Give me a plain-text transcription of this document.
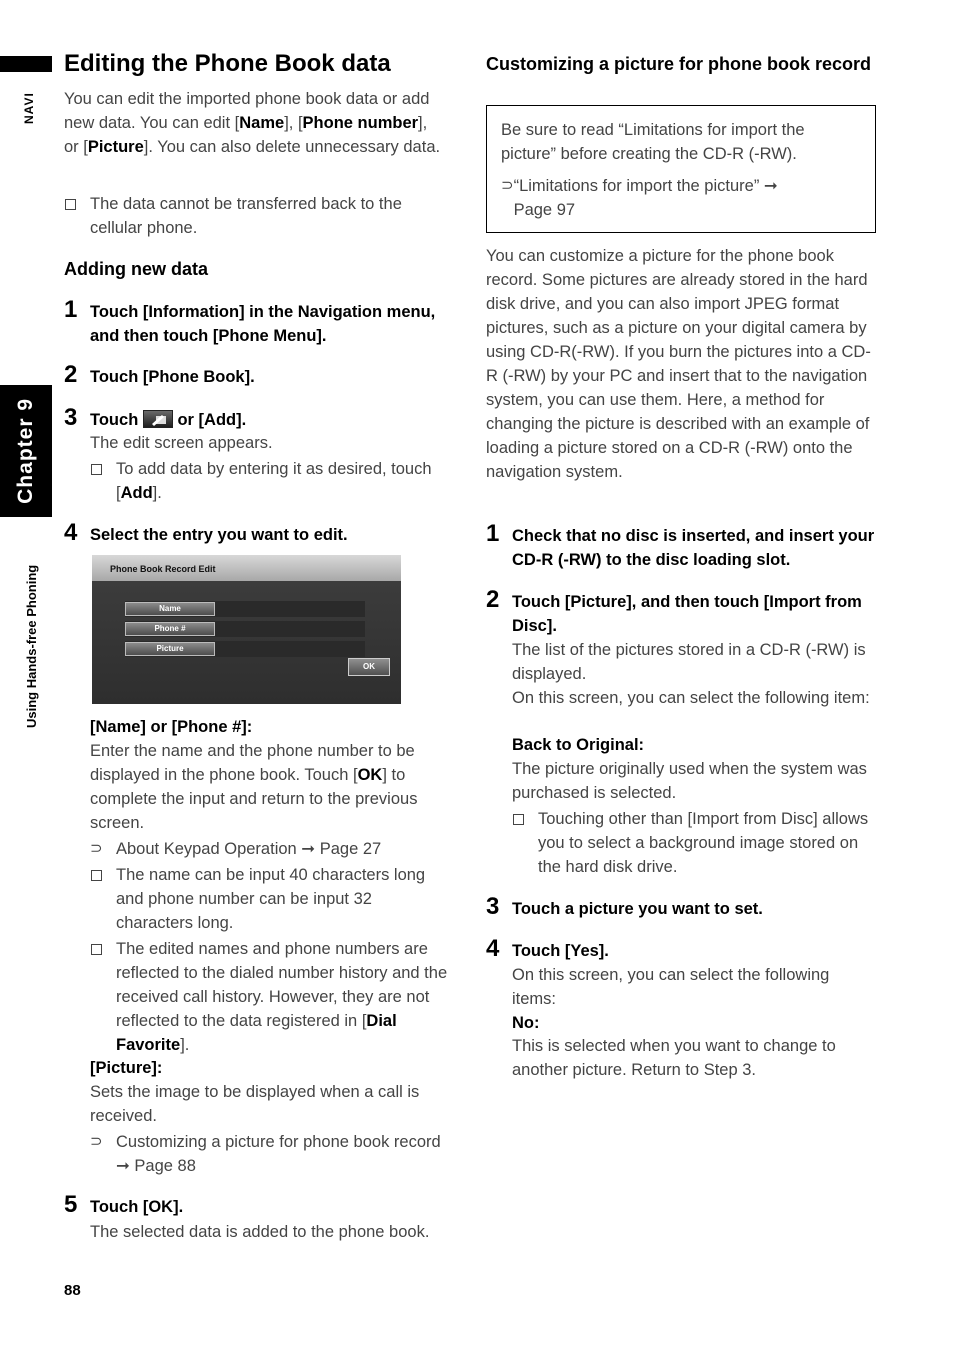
NAVI
Chapter 9
Using Hands-free Phoning
Editing the Phone Book data
You can edit the imported phone book data or add new data. You can edit [Name], [Phone number], or [Picture]. You can also delete unnecessary data.
The data cannot be transferred back to the cellular phone.
Adding new data
1 Touch [Information] in the Navigation menu, and then touch [Phone Menu].
2 Touch [Phone Book].
3 Touch or [Add].
The edit screen appears.
To add data by entering it as desired, touch [Add].
4 Select the entry you want to edit.
Phone Book Record Edit
Name
Phone #
Picture
OK
[Name] or [Phone #]:
Enter the name and the phone number to be displayed in the phone book. Touch [OK] to complete the input and return to the previous screen.
⊃ About Keypad Operation ➞ Page 27
The name can be input 40 characters long and phone number can be input 32 characters long.
The edited names and phone numbers are reflected to the dialed number history and the received call history. However, they are not reflected to the data registered in [Dial Favorite].
[Picture]:
Sets the image to be displayed when a call is received.
⊃ Customizing a picture for phone book record ➞ Page 88
5 Touch [OK].
The selected data is added to the phone book.
Customizing a picture for phone book record
Be sure to read “Limitations for import the picture” before creating the CD-R (-RW).
⊃ “Limitations for import the picture” ➞ Page 97
You can customize a picture for the phone book record. Some pictures are already stored in the hard disk drive, and you can also import JPEG format pictures, such as a picture on your digital camera by using CD-R(-RW). If you burn the pictures into a CD-R (-RW) by your PC and insert that to the navigation system, you can use them. Here, a method for changing the picture is described with an example of loading a picture stored on a CD-R (-RW) onto the navigation system.
1 Check that no disc is inserted, and insert your CD-R (-RW) to the disc loading slot.
2 Touch [Picture], and then touch [Import from Disc].
The list of the pictures stored in a CD-R (-RW) is displayed.
On this screen, you can select the following item:
Back to Original:
The picture originally used when the system was purchased is selected.
Touching other than [Import from Disc] allows you to select a background image stored on the hard disk drive.
3 Touch a picture you want to set.
4 Touch [Yes].
On this screen, you can select the following items:
No:
This is selected when you want to change to another picture. Return to Step 3.
88
